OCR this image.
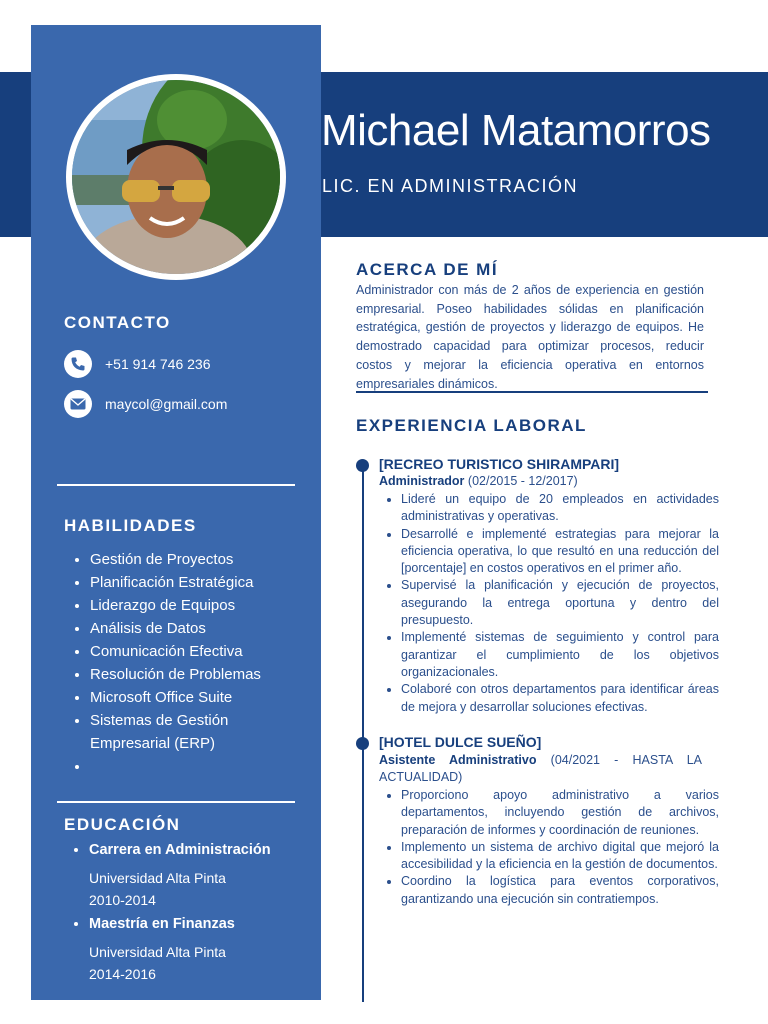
Michael Matamorros
LIC. EN ADMINISTRACIÓN
CONTACTO
+51 914 746 236
maycol@gmail.com
HABILIDADES
• Gestión de Proyectos
• Planificación Estratégica
• Liderazgo de Equipos
• Análisis de Datos
• Comunicación Efectiva
• Resolución de Problemas
• Microsoft Office Suite
• Sistemas de Gestión Empresarial (ERP)
•
EDUCACIÓN
• Carrera en Administración
Universidad Alta Pinta
2010-2014
• Maestría en Finanzas
Universidad Alta Pinta
2014-2016
ACERCA DE MÍ
Administrador con más de 2 años de experiencia en gestión empresarial. Poseo habilidades sólidas en planificación estratégica, gestión de proyectos y liderazgo de equipos. He demostrado capacidad para optimizar procesos, reducir costos y mejorar la eficiencia operativa en entornos empresariales dinámicos.
EXPERIENCIA LABORAL
[RECREO TURISTICO SHIRAMPARI]
Administrador (02/2015 - 12/2017)
• Lideré un equipo de 20 empleados en actividades administrativas y operativas.
• Desarrollé e implementé estrategias para mejorar la eficiencia operativa, lo que resultó en una reducción del [porcentaje] en costos operativos en el primer año.
• Supervisé la planificación y ejecución de proyectos, asegurando la entrega oportuna y dentro del presupuesto.
• Implementé sistemas de seguimiento y control para garantizar el cumplimiento de los objetivos organizacionales.
• Colaboré con otros departamentos para identificar áreas de mejora y desarrollar soluciones efectivas.
[HOTEL DULCE SUEÑO]
Asistente Administrativo (04/2021 - HASTA LA ACTUALIDAD)
• Proporciono apoyo administrativo a varios departamentos, incluyendo gestión de archivos, preparación de informes y coordinación de reuniones.
• Implemento un sistema de archivo digital que mejoró la accesibilidad y la eficiencia en la gestión de documentos.
• Coordino la logística para eventos corporativos, garantizando una ejecución sin contratiempos.
